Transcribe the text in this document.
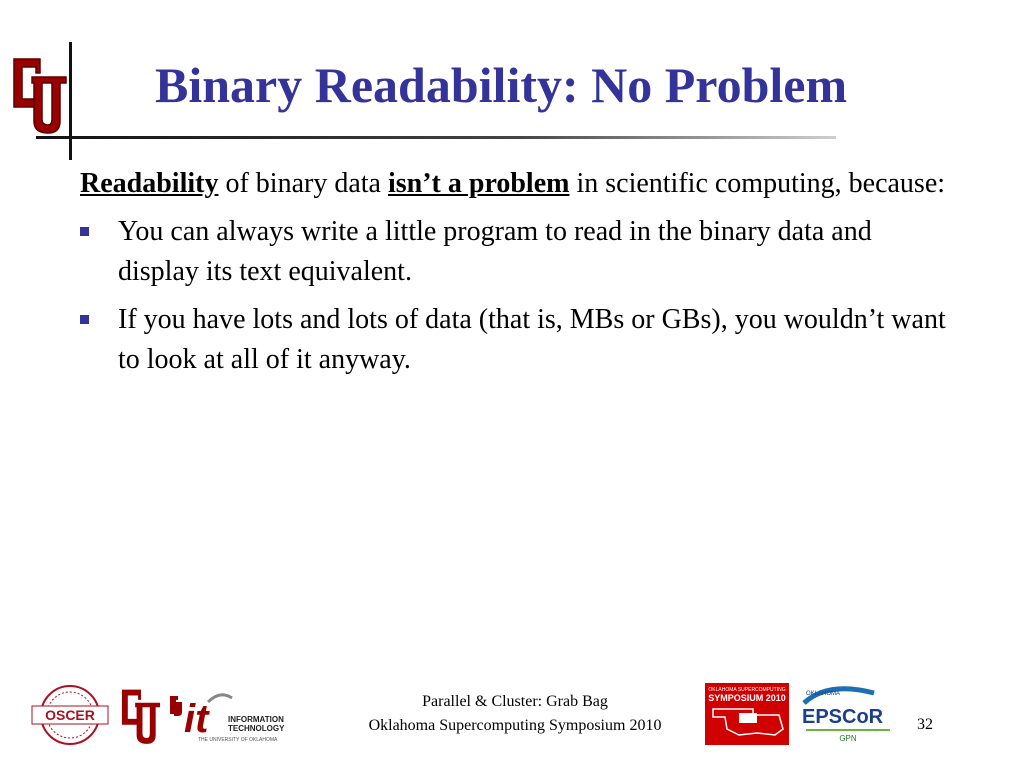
Binary Readability: No Problem

Readability of binary data isn’t a problem in scientific computing, because:

You can always write a little program to read in the binary data and display its text equivalent.
If you have lots and lots of data (that is, MBs or GBs), you wouldn’t want to look at all of it anyway.
OSCER it INFORMATION
TECHNOLOGY
THE UNIVERSITY OF OKLAHOMA
OKLAHOMA SUPERCOMPUTING
SYMPOSIUM 2010	OKLAHOMA
EPSCoR
GPN
Parallel & Cluster: Grab Bag
Oklahoma Supercomputing Symposium 2010	32
